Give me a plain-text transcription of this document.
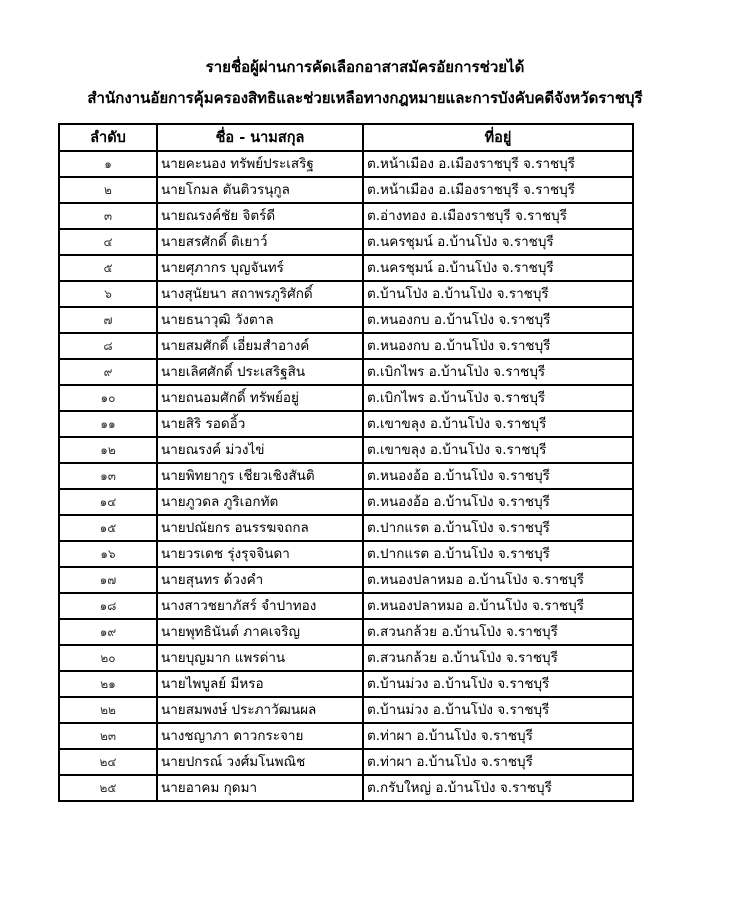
รายชื่อผู้ผ่านการคัดเลือกอาสาสมัครอัยการช่วยได้
สำนักงานอัยการคุ้มครองสิทธิและช่วยเหลือทางกฎหมายและการบังคับคดีจังหวัดราชบุรี
ลำดับ	ชื่อ - นามสกุล	ที่อยู่
๑	นายคะนอง ทรัพย์ประเสริฐ	ต.หน้าเมือง อ.เมืองราชบุรี จ.ราชบุรี
๒	นายโกมล ตันติวรนุกูล	ต.หน้าเมือง อ.เมืองราชบุรี จ.ราชบุรี
๓	นายณรงค์ชัย จิตร์ดี	ต.อ่างทอง อ.เมืองราชบุรี จ.ราชบุรี
๔	นายสรศักดิ์ ติเยาว์	ต.นครชุมน์ อ.บ้านโป่ง จ.ราชบุรี
๕	นายศุภากร บุญจันทร์	ต.นครชุมน์ อ.บ้านโป่ง จ.ราชบุรี
๖	นางสุนัยนา สถาพรภูริศักดิ์	ต.บ้านโป่ง อ.บ้านโป่ง จ.ราชบุรี
๗	นายธนาวุฒิ วังตาล	ต.หนองกบ อ.บ้านโป่ง จ.ราชบุรี
๘	นายสมศักดิ์ เอี่ยมสำอางค์	ต.หนองกบ อ.บ้านโป่ง จ.ราชบุรี
๙	นายเลิศศักดิ์ ประเสริฐสิน	ต.เบิกไพร อ.บ้านโป่ง จ.ราชบุรี
๑๐	นายถนอมศักดิ์ ทรัพย์อยู่	ต.เบิกไพร อ.บ้านโป่ง จ.ราชบุรี
๑๑	นายสิริ รอดอิ้ว	ต.เขาขลุง อ.บ้านโป่ง จ.ราชบุรี
๑๒	นายณรงค์ ม่วงไข่	ต.เขาขลุง อ.บ้านโป่ง จ.ราชบุรี
๑๓	นายพิทยากูร เชียวเชิงสันติ	ต.หนองอ้อ อ.บ้านโป่ง จ.ราชบุรี
๑๔	นายภูวดล ภูริเอกทัต	ต.หนองอ้อ อ.บ้านโป่ง จ.ราชบุรี
๑๕	นายปณัยกร อนรรฆจถกล	ต.ปากแรต อ.บ้านโป่ง จ.ราชบุรี
๑๖	นายวรเดช รุ่งรุจจินดา	ต.ปากแรต อ.บ้านโป่ง จ.ราชบุรี
๑๗	นายสุนทร ด้วงคำ	ต.หนองปลาหมอ อ.บ้านโป่ง จ.ราชบุรี
๑๘	นางสาวชยาภัสร์ จำปาทอง	ต.หนองปลาหมอ อ.บ้านโป่ง จ.ราชบุรี
๑๙	นายพุทธินันต์ ภาคเจริญ	ต.สวนกล้วย อ.บ้านโป่ง จ.ราชบุรี
๒๐	นายบุญมาก แพรด่าน	ต.สวนกล้วย อ.บ้านโป่ง จ.ราชบุรี
๒๑	นายไพบูลย์ มีหรอ	ต.บ้านม่วง อ.บ้านโป่ง จ.ราชบุรี
๒๒	นายสมพงษ์ ประภาวัฒนผล	ต.บ้านม่วง อ.บ้านโป่ง จ.ราชบุรี
๒๓	นางชญาภา ดาวกระจาย	ต.ท่าผา อ.บ้านโป่ง จ.ราชบุรี
๒๔	นายปกรณ์ วงศ์มโนพณิช	ต.ท่าผา อ.บ้านโป่ง จ.ราชบุรี
๒๕	นายอาคม กุดมา	ต.กรับใหญ่ อ.บ้านโป่ง จ.ราชบุรี
